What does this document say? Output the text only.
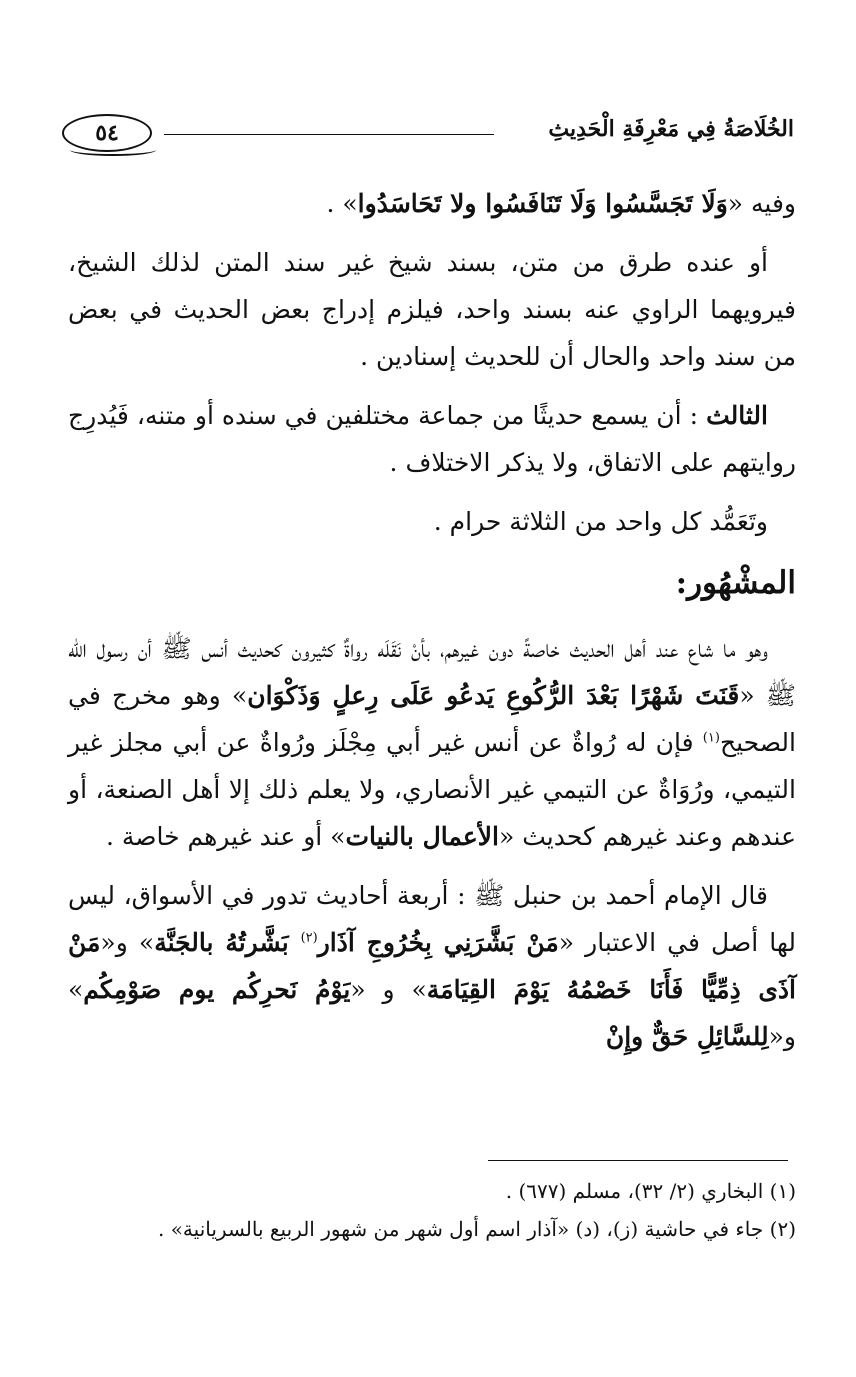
٥٤	الخُلَاصَةُ فِي مَعْرِفَةِ الْحَدِيثِ

وفيه «وَلَا تَجَسَّسُوا وَلَا تَنَافَسُوا ولا تَحَاسَدُوا» .

أو عنده طرق من متن، بسند شيخ غير سند المتن لذلك الشيخ، فيرويهما الراوي عنه بسند واحد، فيلزم إدراج بعض الحديث في بعض من سند واحد والحال أن للحديث إسنادين .

الثالث : أن يسمع حديثًا من جماعة مختلفين في سنده أو متنه، فَيُدرِج روايتهم على الاتفاق، ولا يذكر الاختلاف .

وتَعَمُّد كل واحد من الثلاثة حرام .

المشْهُور:

وهو ما شاع عند أهل الحديث خاصةً دون غيرهم، بأنْ نَقَلَه رواةٌ كثيرون كحديث أنس ﷺ أن رسول الله ﷺ «قَنَتَ شَهْرًا بَعْدَ الرُّكُوعِ يَدعُو عَلَى رِعلٍ وَذَكْوَان» وهو مخرج في الصحيح$^{(١)}$ فإن له رُواةٌ عن أنس غير أبي مِجْلَز ورُواةٌ عن أبي مجلز غير التيمي، ورُوَاةٌ عن التيمي غير الأنصاري، ولا يعلم ذلك إلا أهل الصنعة، أو عندهم وعند غيرهم كحديث «الأعمال بالنيات» أو عند غيرهم خاصة .

قال الإمام أحمد بن حنبل ﷺ : أربعة أحاديث تدور في الأسواق، ليس لها أصل في الاعتبار «مَنْ بَشَّرَنِي بِخُرُوجِ آذَار$^{(٢)}$ بَشَّرتُهُ بالجَنَّة» و«مَنْ آذَى ذِمِّيًّا فَأَنَا خَصْمُهُ يَوْمَ القِيَامَة» و «يَوْمُ نَحرِكُم يوم صَوْمِكُم» و«لِلسَّائِلِ حَقٌّ وإِنْ

(١) البخاري (٢/ ٣٢)، مسلم (٦٧٧) .

(٢) جاء في حاشية (ز)، (د) «آذار اسم أول شهر من شهور الربيع بالسريانية» .
